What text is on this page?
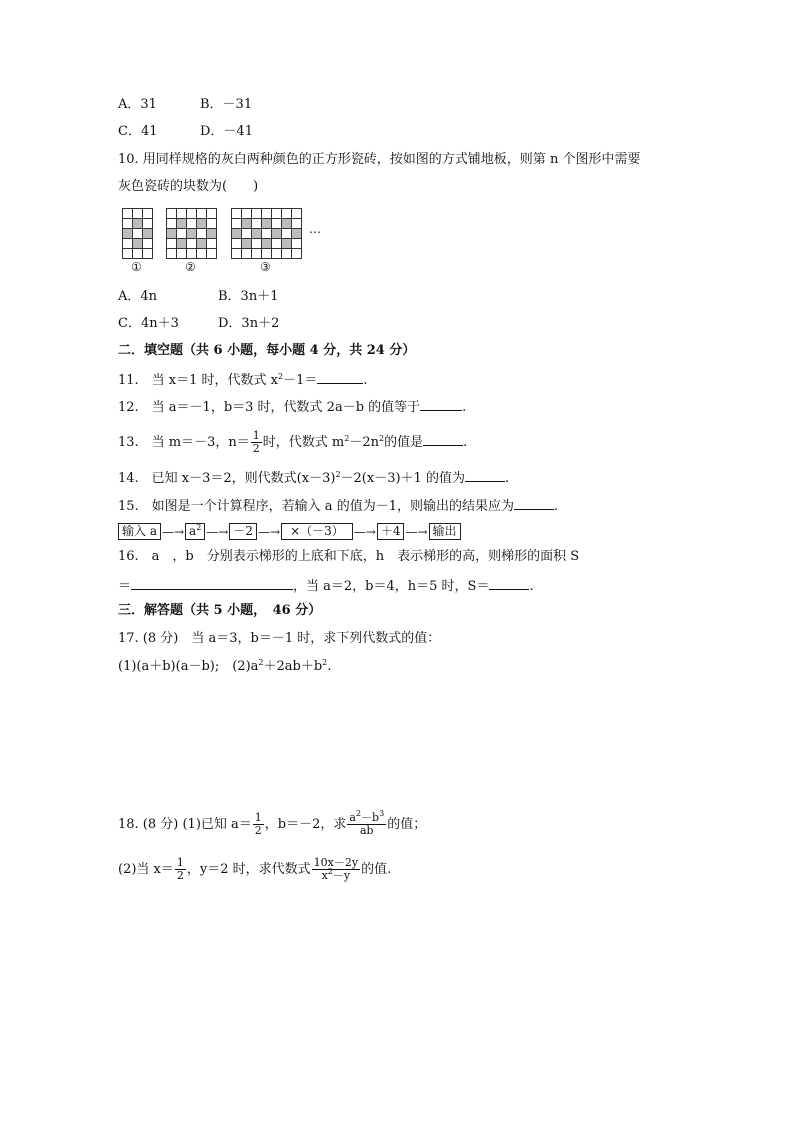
A．31	B．－31
C．41	D．－41
10. 用同样规格的灰白两种颜色的正方形瓷砖，按如图的方式铺地板，则第 n 个图形中需要
灰色瓷砖的块数为(　　)
…
①	②	③
A．4n	B．3n＋1
C．4n＋3	D．3n＋2
二．填空题（共 6 小题，每小题 4 分，共 24 分）
11.　当 x＝1 时，代数式 $x^2-1=$	.
12.　当 a＝－1，b＝3 时，代数式 2a－b 的值等于	.
13.　当 m＝－3，$n= \frac{1}{2}$ 时，代数式 $m^2-2n^2$的值是	.
14.　已知 x－3＝2，则代数式$(x-3)^2-2(x-3)+1$ 的值为	.
15.　如图是一个计算程序，若输入 a 的值为－1，则输出的结果应为	.
输入 a —→ $a^2$ —→ －2 —→ ×（－3） —→ ＋4 —→ 输出
16.　a　，b　分别表示梯形的上底和下底，h　表示梯形的高，则梯形的面积 S
＝	，当 a＝2，b＝4，h＝5 时，S＝	.
三．解答题（共 5 小题，　46 分）
17. (8 分)　当 a＝3，b＝－1 时，求下列代数式的值：
(1)(a＋b)(a－b);　$(2)a^2+2ab+b^2$.
18. (8 分) (1)已知 $a= \frac{1}{2}$ ，b＝－2，求 $\frac{a^2-b^3}{ab}$ 的值；
(2)当 $x= \frac{1}{2}$ ，y＝2 时，求代数式 $\frac{10x-2y}{x^2-y}$ 的值.
